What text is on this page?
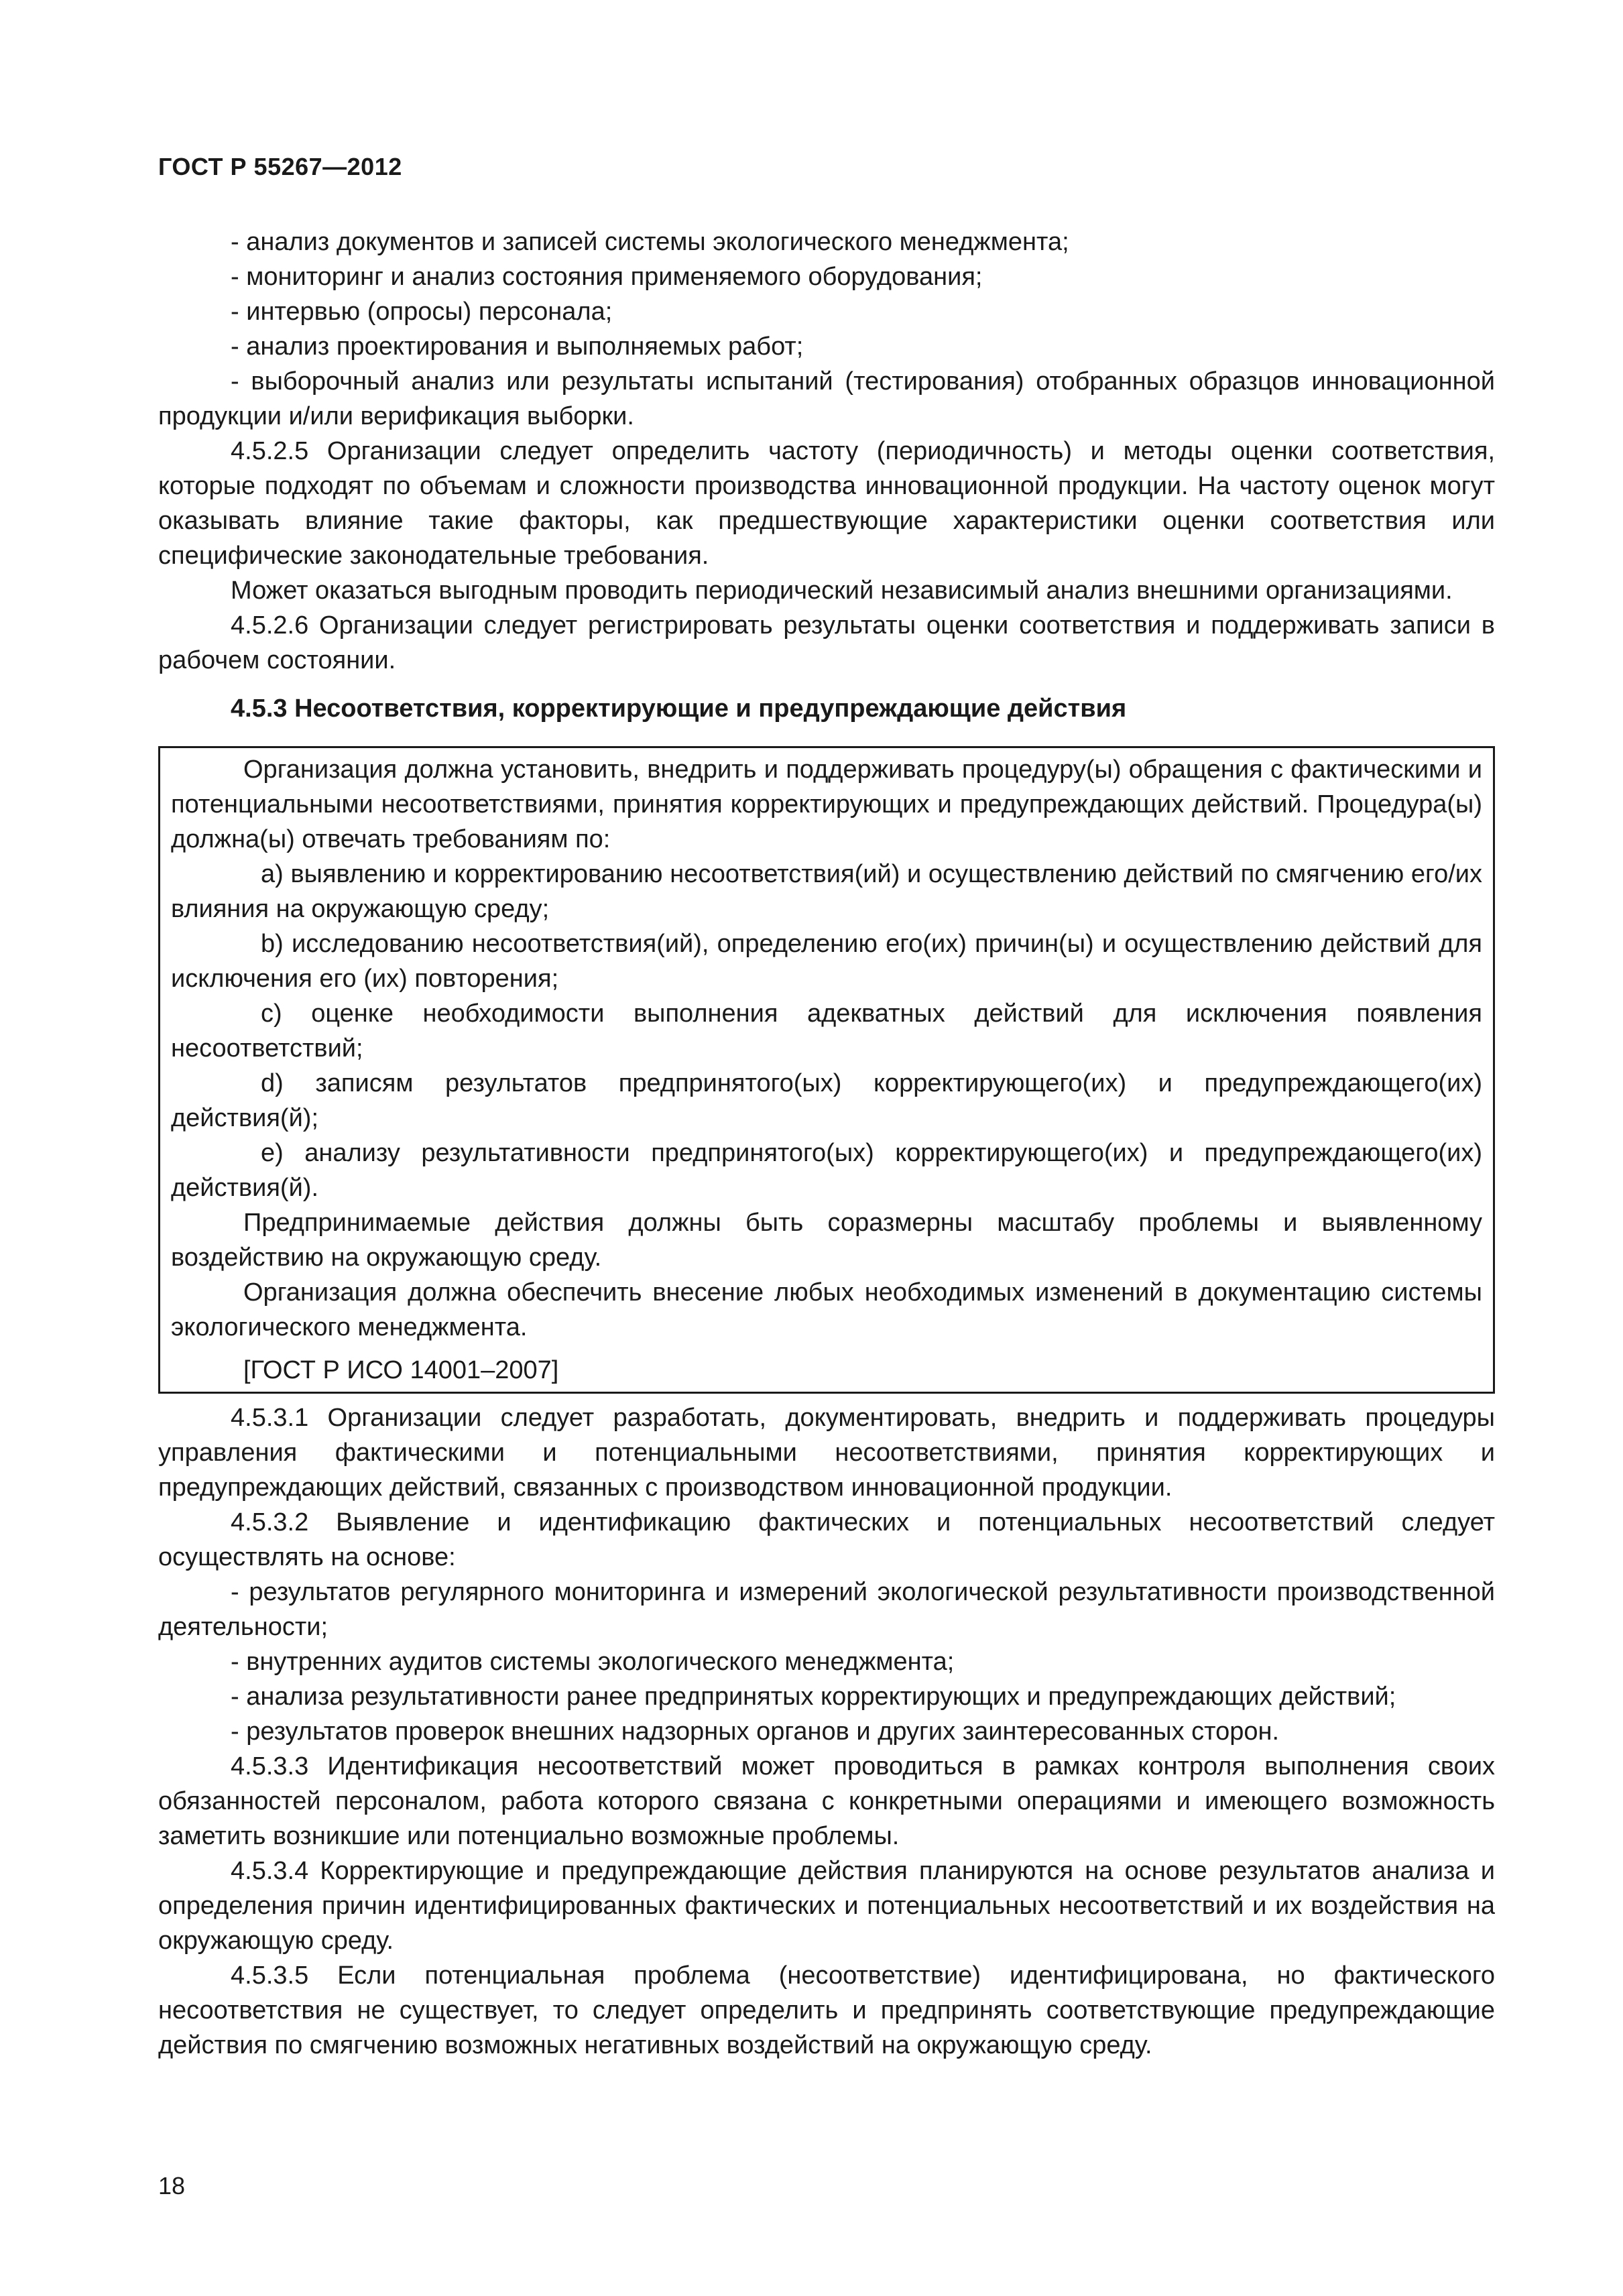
ГОСТ Р 55267—2012

- анализ документов и записей системы экологического менеджмента;

- мониторинг и анализ состояния применяемого оборудования;

- интервью (опросы) персонала;

- анализ проектирования и выполняемых работ;

- выборочный анализ или результаты испытаний (тестирования) отобранных образцов инновационной продукции и/или верификация выборки.

4.5.2.5 Организации следует определить частоту (периодичность) и методы оценки соответствия, которые подходят по объемам и сложности производства инновационной продукции. На частоту оценок могут оказывать влияние такие факторы, как предшествующие характеристики оценки соответствия или специфические законодательные требования.

Может оказаться выгодным проводить периодический независимый анализ внешними организациями.

4.5.2.6 Организации следует регистрировать результаты оценки соответствия и поддерживать записи в рабочем состоянии.

4.5.3 Несоответствия, корректирующие и предупреждающие действия

Организация должна установить, внедрить и поддерживать процедуру(ы) обращения с фактическими и потенциальными несоответствиями, принятия корректирующих и предупреждающих действий. Процедура(ы) должна(ы) отвечать требованиям по:

a) выявлению и корректированию несоответствия(ий) и осуществлению действий по смягчению его/их влияния на окружающую среду;

b) исследованию несоответствия(ий), определению его(их) причин(ы) и осуществлению действий для исключения его (их) повторения;

c) оценке необходимости выполнения адекватных действий для исключения появления несоответствий;

d) записям результатов предпринятого(ых) корректирующего(их) и предупреждающего(их) действия(й);

e) анализу результативности предпринятого(ых) корректирующего(их) и предупреждающего(их) действия(й).

Предпринимаемые действия должны быть соразмерны масштабу проблемы и выявленному воздействию на окружающую среду.

Организация должна обеспечить внесение любых необходимых изменений в документацию системы экологического менеджмента.

[ГОСТ Р ИСО 14001–2007]

4.5.3.1 Организации следует разработать, документировать, внедрить и поддерживать процедуры управления фактическими и потенциальными несоответствиями, принятия корректирующих и предупреждающих действий, связанных с производством инновационной продукции.

4.5.3.2 Выявление и идентификацию фактических и потенциальных несоответствий следует осуществлять на основе:

- результатов регулярного мониторинга и измерений экологической результативности производственной деятельности;

- внутренних аудитов системы экологического менеджмента;

- анализа результативности ранее предпринятых корректирующих и предупреждающих действий;

- результатов проверок внешних надзорных органов и других заинтересованных сторон.

4.5.3.3 Идентификация несоответствий может проводиться в рамках контроля выполнения своих обязанностей персоналом, работа которого связана с конкретными операциями и имеющего возможность заметить возникшие или потенциально возможные проблемы.

4.5.3.4 Корректирующие и предупреждающие действия планируются на основе результатов анализа и определения причин идентифицированных фактических и потенциальных несоответствий и их воздействия на окружающую среду.

4.5.3.5 Если потенциальная проблема (несоответствие) идентифицирована, но фактического несоответствия не существует, то следует определить и предпринять соответствующие предупреждающие действия по смягчению возможных негативных воздействий на окружающую среду.

18
